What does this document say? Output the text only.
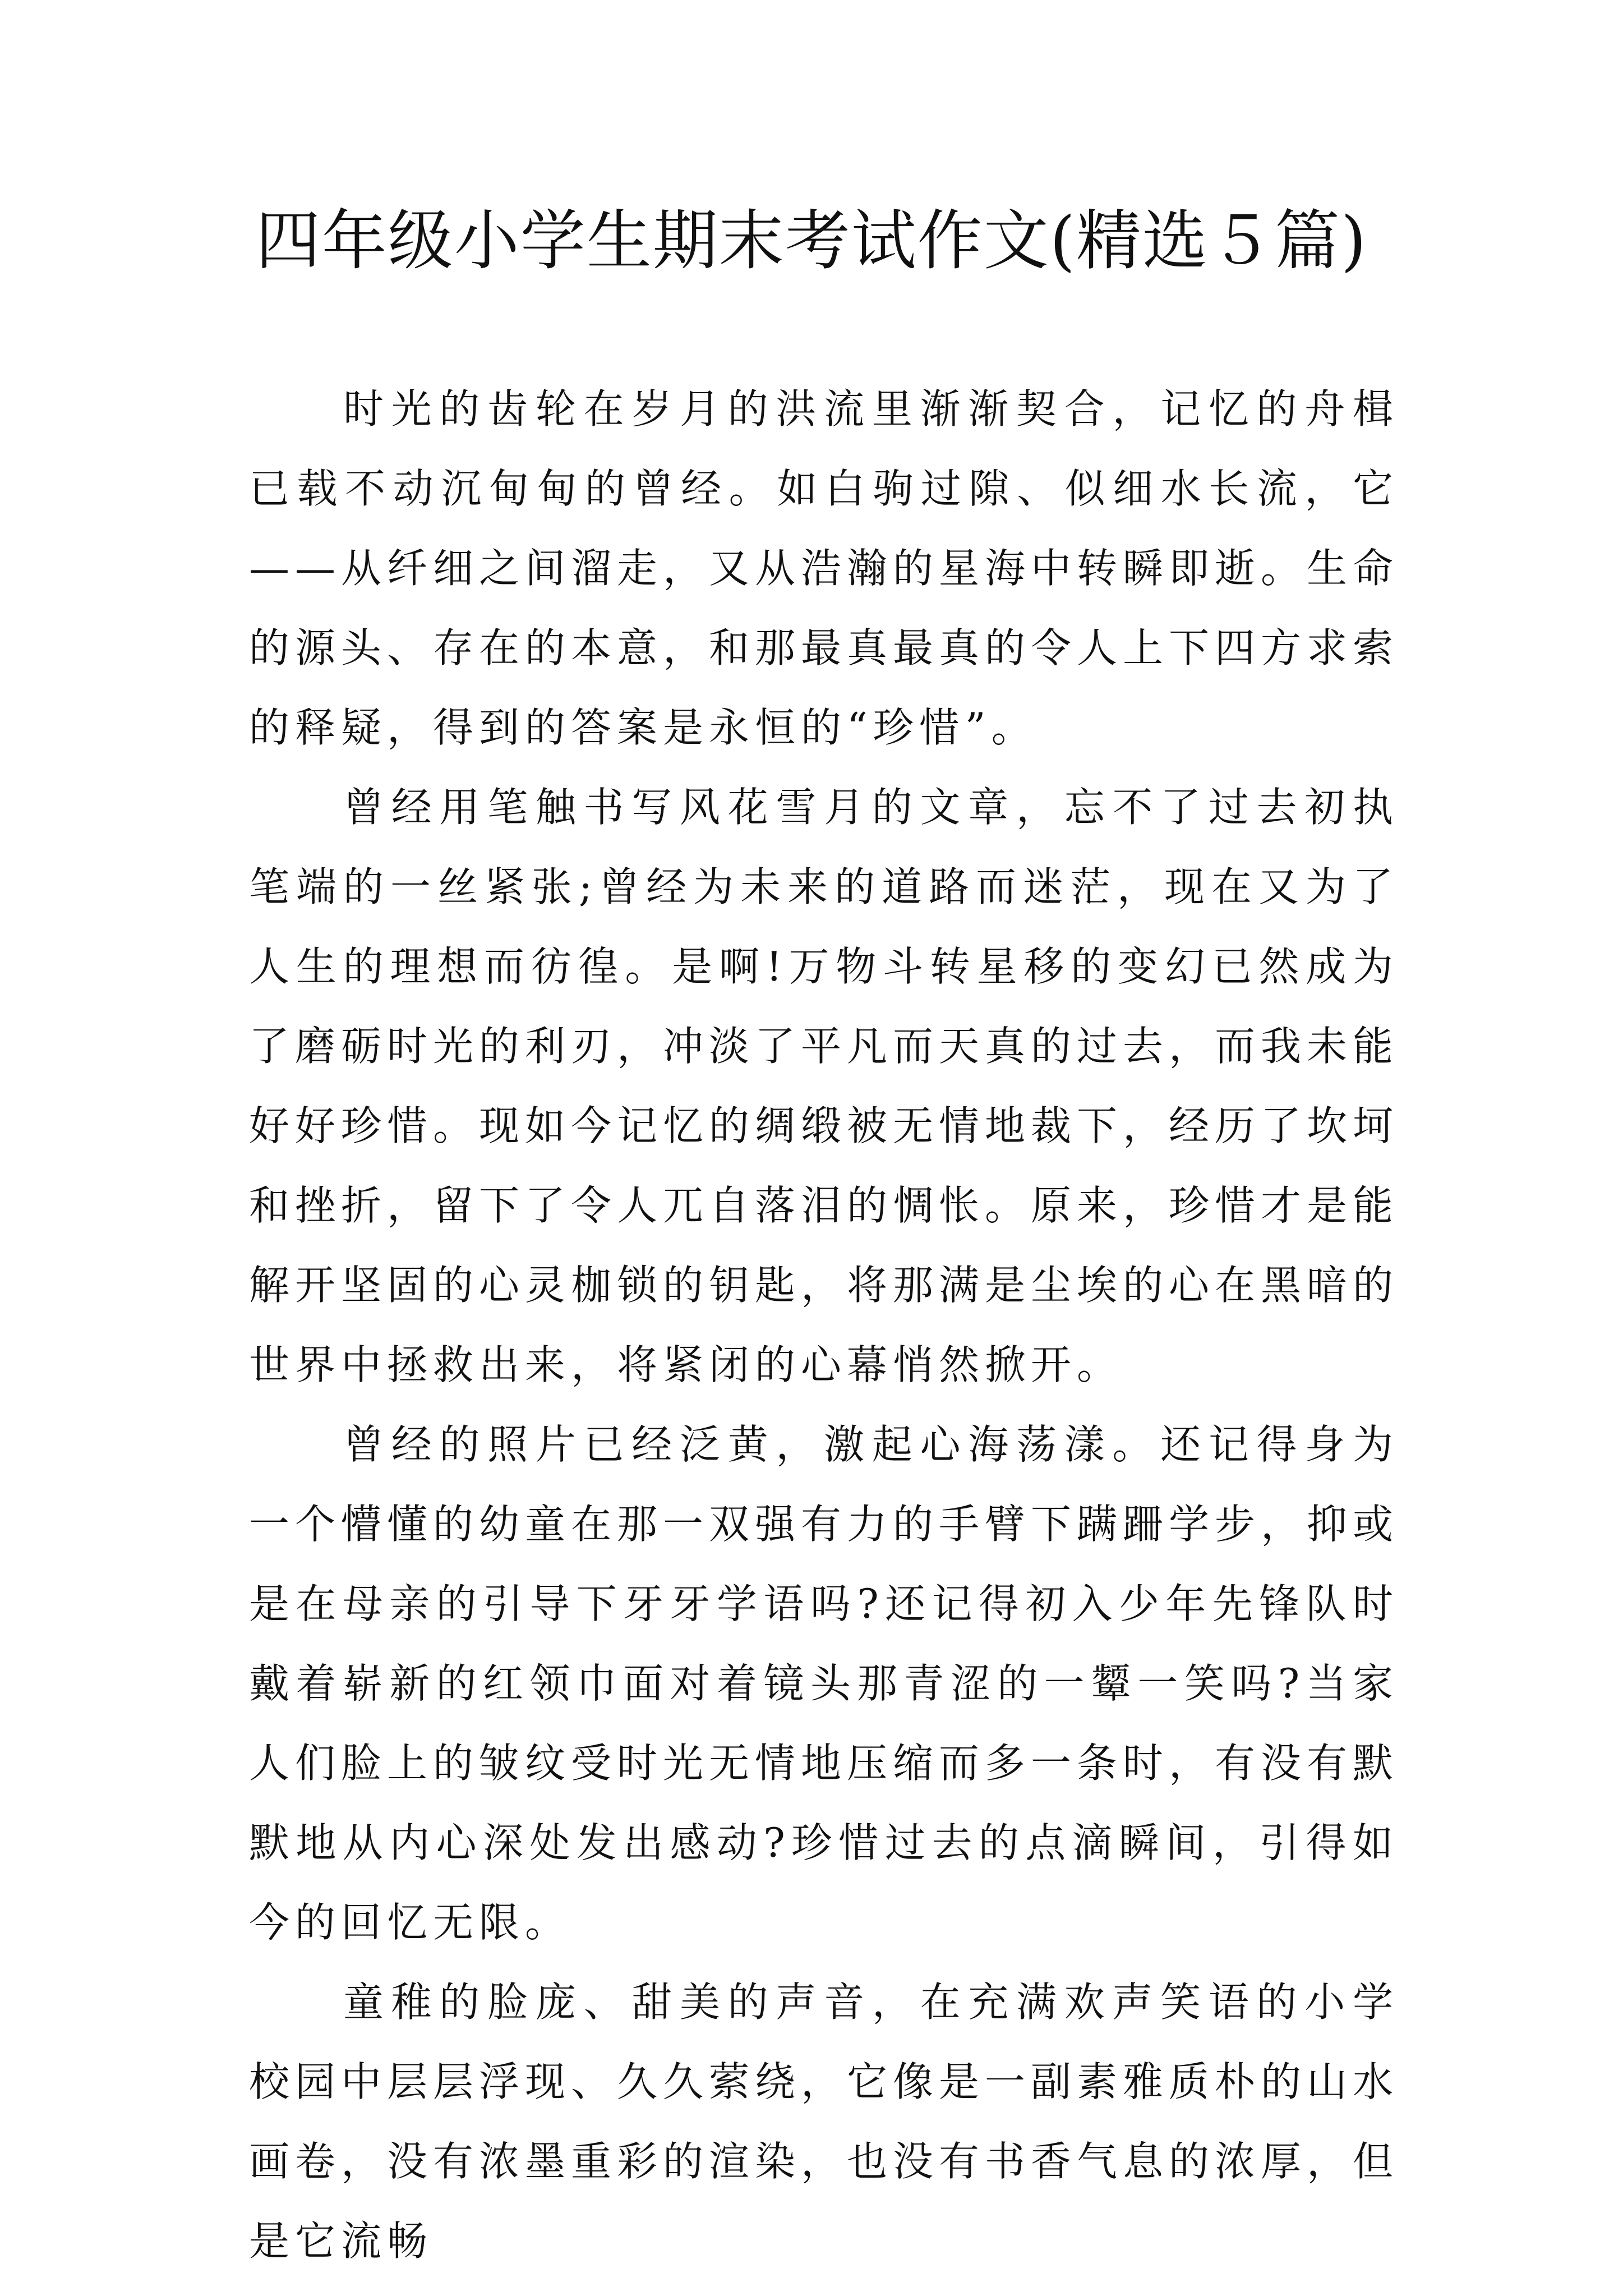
四年级小学生期末考试作文(精选５篇)

时光的齿轮在岁月的洪流里渐渐契合，记忆的舟楫已载不动沉甸甸的曾经。如白驹过隙、似细水长流，它——从纤细之间溜走，又从浩瀚的星海中转瞬即逝。生命的源头、存在的本意，和那最真最真的令人上下四方求索的释疑，得到的答案是永恒的“珍惜”。

曾经用笔触书写风花雪月的文章，忘不了过去初执笔端的一丝紧张;曾经为未来的道路而迷茫，现在又为了人生的理想而彷徨。是啊!万物斗转星移的变幻已然成为了磨砺时光的利刃，冲淡了平凡而天真的过去，而我未能好好珍惜。现如今记忆的绸缎被无情地裁下，经历了坎坷和挫折，留下了令人兀自落泪的惆怅。原来，珍惜才是能解开坚固的心灵枷锁的钥匙，将那满是尘埃的心在黑暗的世界中拯救出来，将紧闭的心幕悄然掀开。

曾经的照片已经泛黄，激起心海荡漾。还记得身为一个懵懂的幼童在那一双强有力的手臂下蹒跚学步，抑或是在母亲的引导下牙牙学语吗?还记得初入少年先锋队时戴着崭新的红领巾面对着镜头那青涩的一颦一笑吗?当家人们脸上的皱纹受时光无情地压缩而多一条时，有没有默默地从内心深处发出感动?珍惜过去的点滴瞬间，引得如今的回忆无限。

童稚的脸庞、甜美的声音，在充满欢声笑语的小学校园中层层浮现、久久萦绕，它像是一副素雅质朴的山水画卷，没有浓墨重彩的渲染，也没有书香气息的浓厚，但是它流畅
